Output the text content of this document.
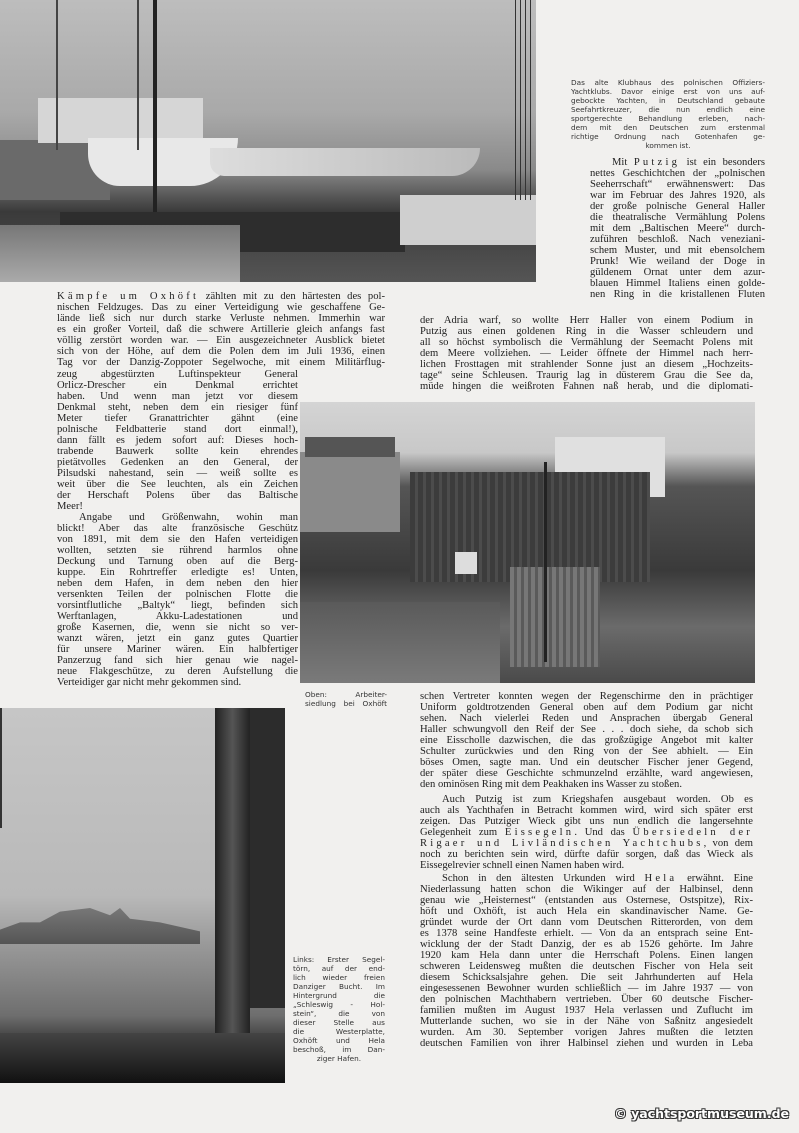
Das alte Klubhaus des polnischen Offiziers-
Yachtklubs. Davor einige erst von uns auf-
gebockte Yachten, in Deutschland gebaute
Seefahrtkreuzer, die nun endlich eine
sportgerechte Behandlung erleben, nach-
dem mit den Deutschen zum erstenmal
richtige Ordnung nach Gotenhafen ge-
kommen ist.
Kämpfe um Oxhöft zählten mit zu den härtesten des pol-
nischen Feldzuges. Das zu einer Verteidigung wie geschaffene Ge-
lände ließ sich nur durch starke Verluste nehmen. Immerhin war
es ein großer Vorteil, daß die schwere Artillerie gleich anfangs fast
völlig zerstört worden war. — Ein ausgezeichneter Ausblick bietet
sich von der Höhe, auf dem die Polen dem im Juli 1936, einen
Tag vor der Danzig-Zoppoter Segelwoche, mit einem Militärflug-
zeug abgestürzten Luftinspekteur General
Orlicz-Drescher ein Denkmal errichtet
haben. Und wenn man jetzt vor diesem
Denkmal steht, neben dem ein riesiger fünf
Meter tiefer Granattrichter gähnt (eine
polnische Feldbatterie stand dort einmal!),
dann fällt es jedem sofort auf: Dieses hoch-
trabende Bauwerk sollte kein ehrendes
pietätvolles Gedenken an den General, der
Pilsudski nahestand, sein — weiß sollte es
weit über die See leuchten, als ein Zeichen
der Herschaft Polens über das Baltische
Meer!
Angabe und Größenwahn, wohin man
blickt! Aber das alte französische Geschütz
von 1891, mit dem sie den Hafen verteidigen
wollten, setzten sie rührend harmlos ohne
Deckung und Tarnung oben auf die Berg-
kuppe. Ein Rohrtreffer erledigte es! Unten,
neben dem Hafen, in dem neben den hier
versenkten Teilen der polnischen Flotte die
vorsintflutliche „Baltyk“ liegt, befinden sich
Werftanlagen, Akku-Ladestationen und
große Kasernen, die, wenn sie nicht so ver-
wanzt wären, jetzt ein ganz gutes Quartier
für unsere Mariner wären. Ein halbfertiger
Panzerzug fand sich hier genau wie nagel-
neue Flakgeschütze, zu deren Aufstellung die
Verteidiger gar nicht mehr gekommen sind.
Mit Putzig ist ein besonders
nettes Geschichtchen der „polnischen
Seeherrschaft“ erwähnenswert: Das
war im Februar des Jahres 1920, als
der große polnische General Haller
die theatralische Vermählung Polens
mit dem „Baltischen Meere“ durch-
zuführen beschloß. Nach veneziani-
schem Muster, und mit ebensolchem
Prunk! Wie weiland der Doge in
güldenem Ornat unter dem azur-
blauen Himmel Italiens einen golde-
nen Ring in die kristallenen Fluten
der Adria warf, so wollte Herr Haller von einem Podium in
Putzig aus einen goldenen Ring in die Wasser schleudern und
all so höchst symbolisch die Vermählung der Seemacht Polens mit
dem Meere vollziehen. — Leider öffnete der Himmel nach herr-
lichen Frosttagen mit strahlender Sonne just an diesem „Hochzeits-
tage“ seine Schleusen. Traurig lag in düsterem Grau die See da,
müde hingen die weißroten Fahnen naß herab, und die diplomati-
Oben: Arbeiter-
siedlung bei Oxhöft
schen Vertreter konnten wegen der Regenschirme den in prächtiger
Uniform goldtrotzenden General oben auf dem Podium gar nicht
sehen. Nach vielerlei Reden und Ansprachen übergab General
Haller schwungvoll den Reif der See . . . doch siehe, da schob sich
eine Eisscholle dazwischen, die das großzügige Angebot mit kalter
Schulter zurückwies und den Ring von der See abhielt. — Ein
böses Omen, sagte man. Und ein deutscher Fischer jener Gegend,
der später diese Geschichte schmunzelnd erzählte, ward angewiesen,
den ominösen Ring mit dem Peakhaken ins Wasser zu stoßen.
Auch Putzig ist zum Kriegshafen ausgebaut worden. Ob es
auch als Yachthafen in Betracht kommen wird, wird sich später erst
zeigen. Das Putziger Wieck gibt uns nun endlich die langersehnte
Gelegenheit zum Eissegeln. Und das Übersiedeln der
Rigaer und Livländischen Yachtchubs, von dem
noch zu berichten sein wird, dürfte dafür sorgen, daß das Wieck als
Eissegelrevier schnell einen Namen haben wird.
Schon in den ältesten Urkunden wird Hela erwähnt. Eine
Niederlassung hatten schon die Wikinger auf der Halbinsel, denn
genau wie „Heisternest“ (entstanden aus Osternese, Ostspitze), Rix-
höft und Oxhöft, ist auch Hela ein skandinavischer Name. Ge-
gründet wurde der Ort dann vom Deutschen Ritterorden, von dem
es 1378 seine Handfeste erhielt. — Von da an entsprach seine Ent-
wicklung der der Stadt Danzig, der es ab 1526 gehörte. Im Jahre
1920 kam Hela dann unter die Herrschaft Polens. Einen langen
schweren Leidensweg mußten die deutschen Fischer von Hela seit
diesem Schicksalsjahre gehen. Die seit Jahrhunderten auf Hela
eingesessenen Bewohner wurden schließlich — im Jahre 1937 — von
den polnischen Machthabern vertrieben. Über 60 deutsche Fischer-
familien mußten im August 1937 Hela verlassen und Zuflucht im
Mutterlande suchen, wo sie in der Nähe von Saßnitz angesiedelt
wurden. Am 30. September vorigen Jahres mußten die letzten
deutschen Familien von ihrer Halbinsel ziehen und wurden in Leba
Links: Erster Segel-
törn, auf der end-
lich wieder freien
Danziger Bucht. Im
Hintergrund die
„Schleswig - Hol-
stein“, die von
dieser Stelle aus
die Westerplatte,
Oxhöft und Hela
beschoß, im Dan-
ziger Hafen.
© yachtsportmuseum.de
